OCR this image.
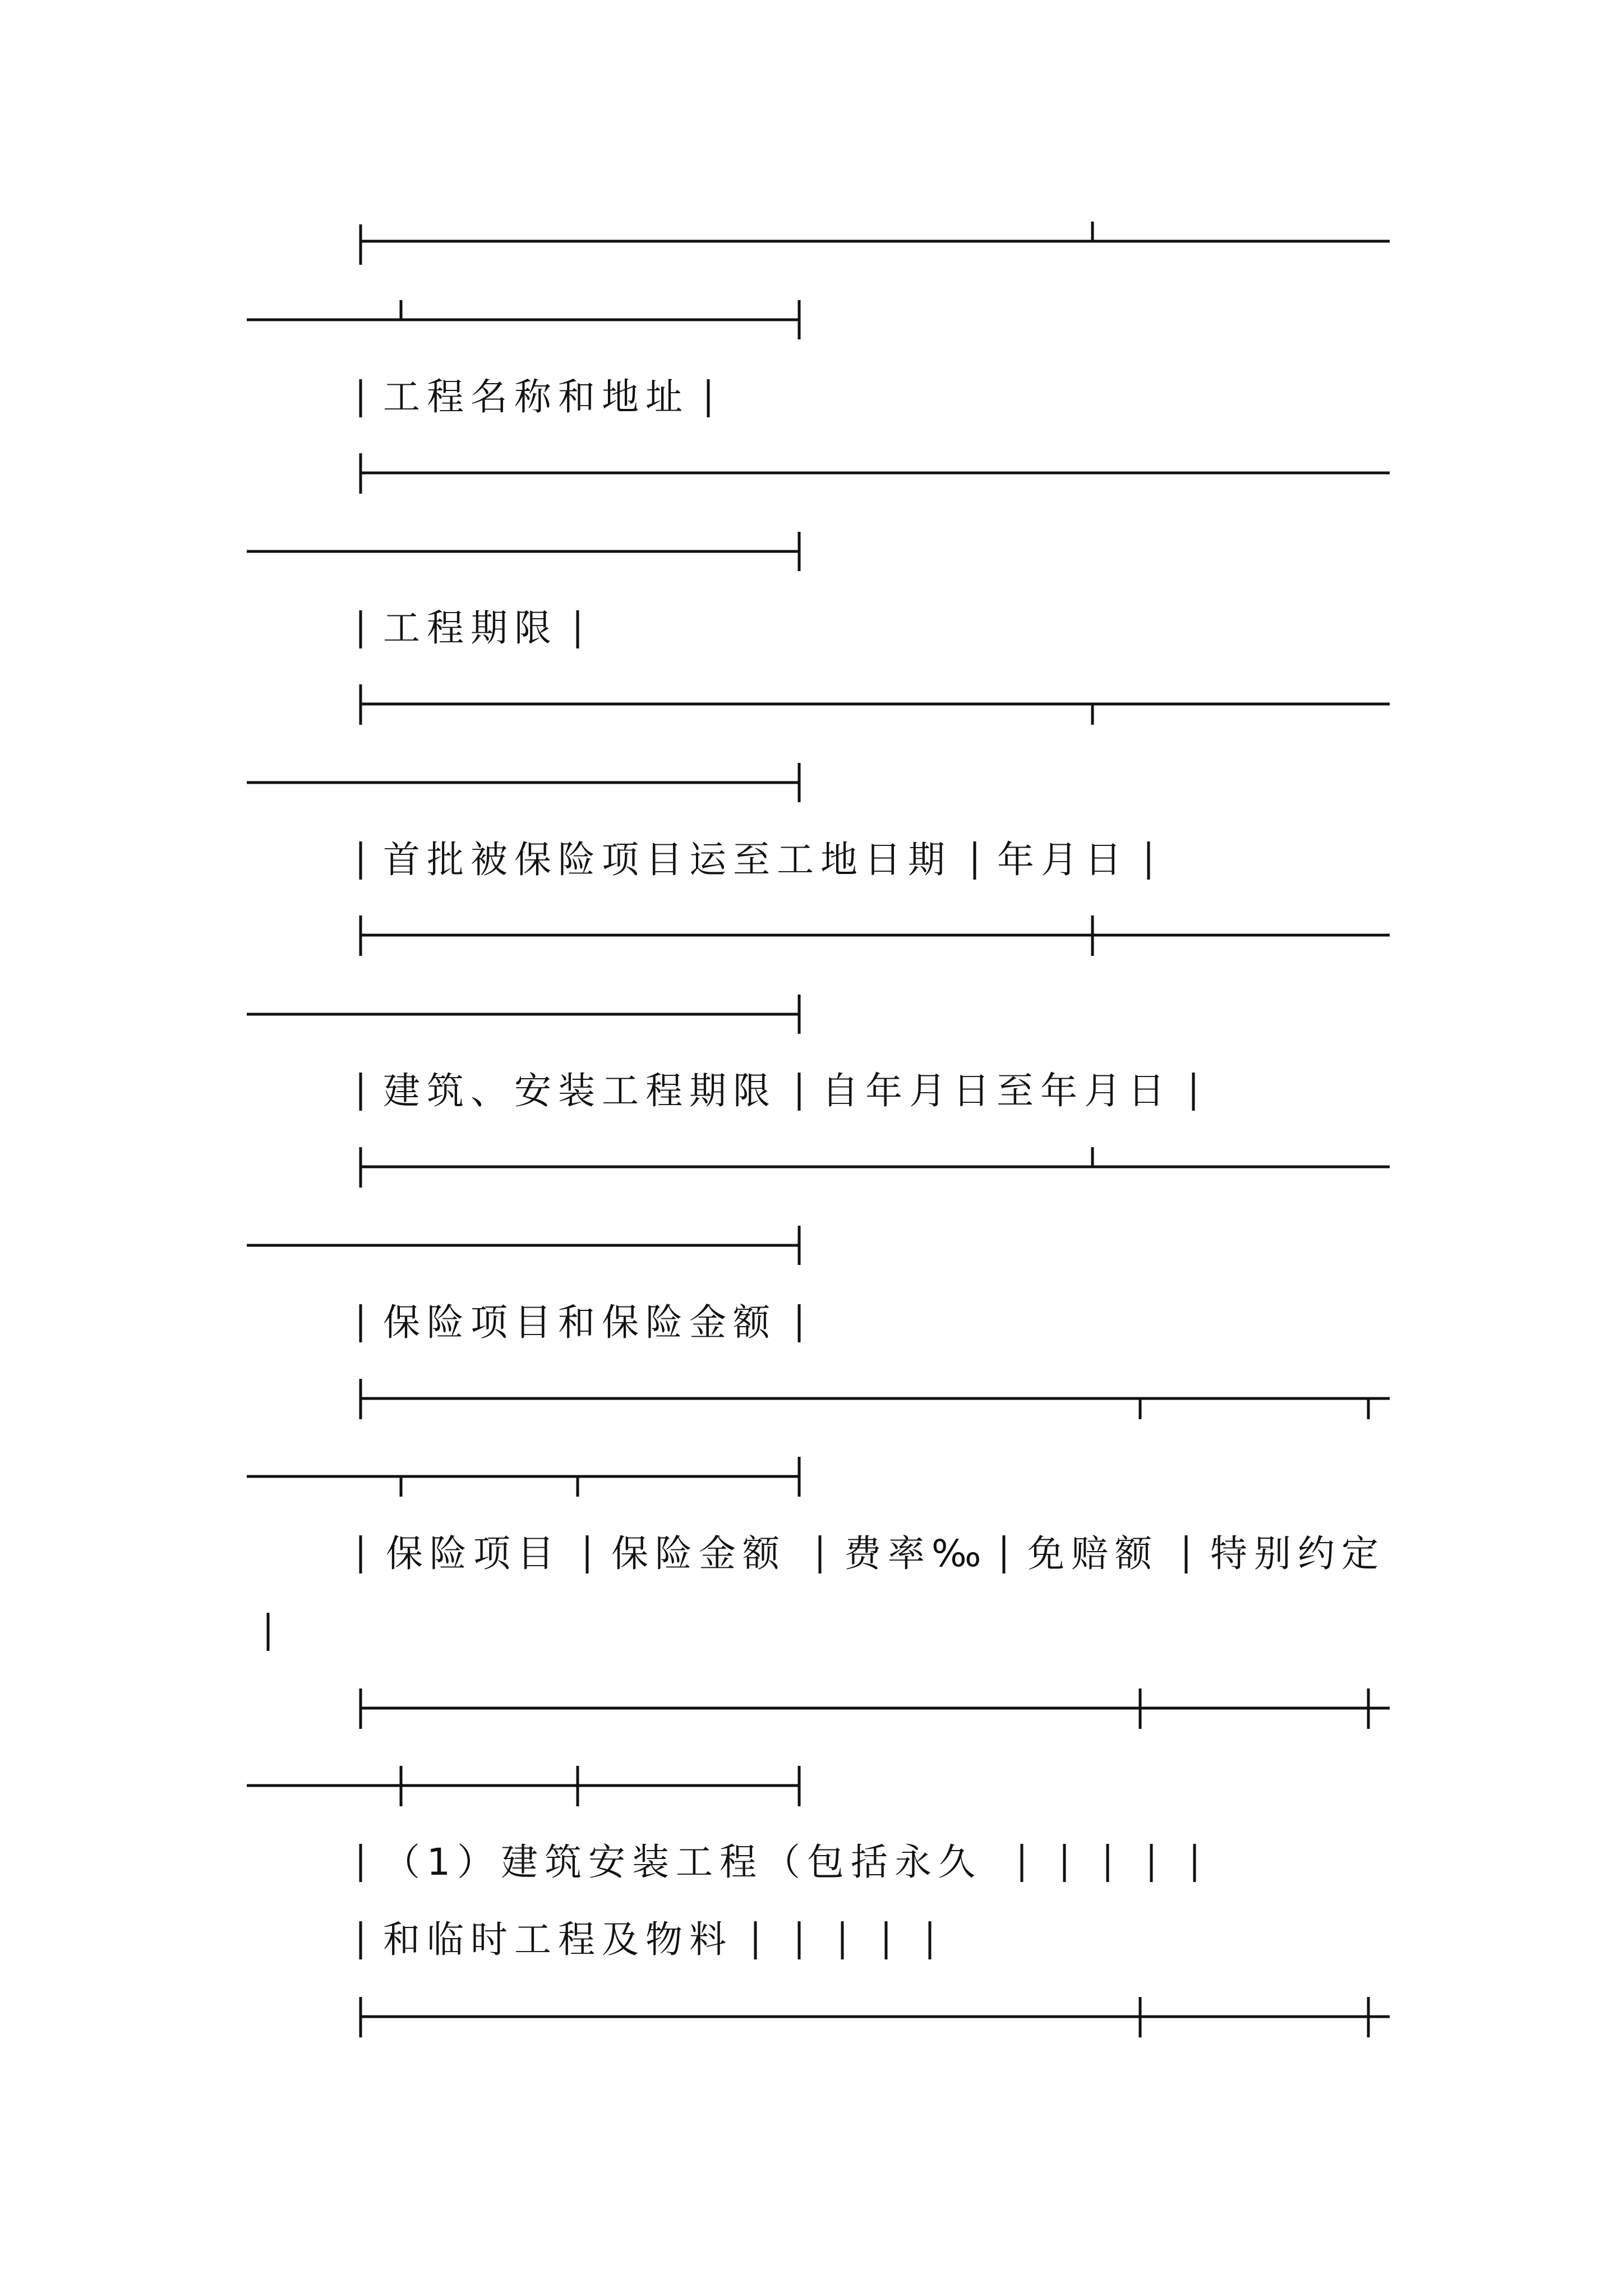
工程名称和地址
工程期限
首批被保险项目运至工地日期 年月日
建筑、安装工程期限 自年月日至年月日
保险项目和保险金额
保险项目 保险金额 费率‰ 免赔额 特别约定
（1）建筑安装工程（包括永久
和临时工程及物料
